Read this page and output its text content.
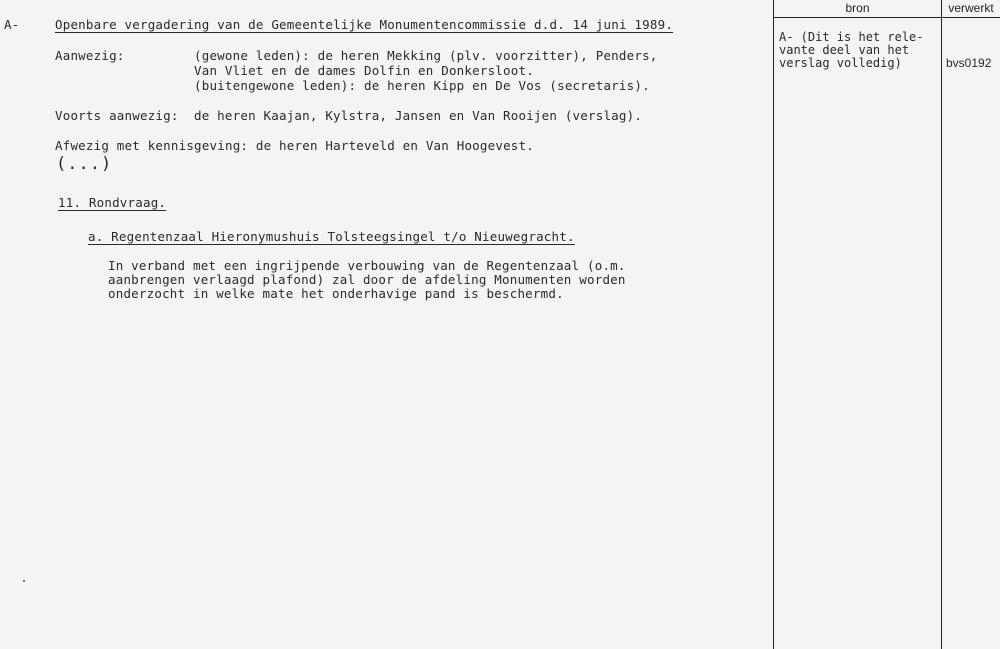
A-	Openbare vergadering van de Gemeentelijke Monumentencommissie d.d. 14 juni 1989.
Aanwezig:	(gewone leden): de heren Mekking (plv. voorzitter), Penders,
Van Vliet en de dames Dolfin en Donkersloot.
(buitengewone leden): de heren Kipp en De Vos (secretaris).
Voorts aanwezig: de heren Kaajan, Kylstra, Jansen en Van Rooijen (verslag).
Afwezig met kennisgeving: de heren Harteveld en Van Hoogevest.
(...)
11. Rondvraag.
a. Regentenzaal Hieronymushuis Tolsteegsingel t/o Nieuwegracht.
In verband met een ingrijpende verbouwing van de Regentenzaal (o.m.
aanbrengen verlaagd plafond) zal door de afdeling Monumenten worden
onderzocht in welke mate het onderhavige pand is beschermd.
bron	verwerkt
A- (Dit is het rele-
vante deel van het
verslag volledig)	bvs0192
